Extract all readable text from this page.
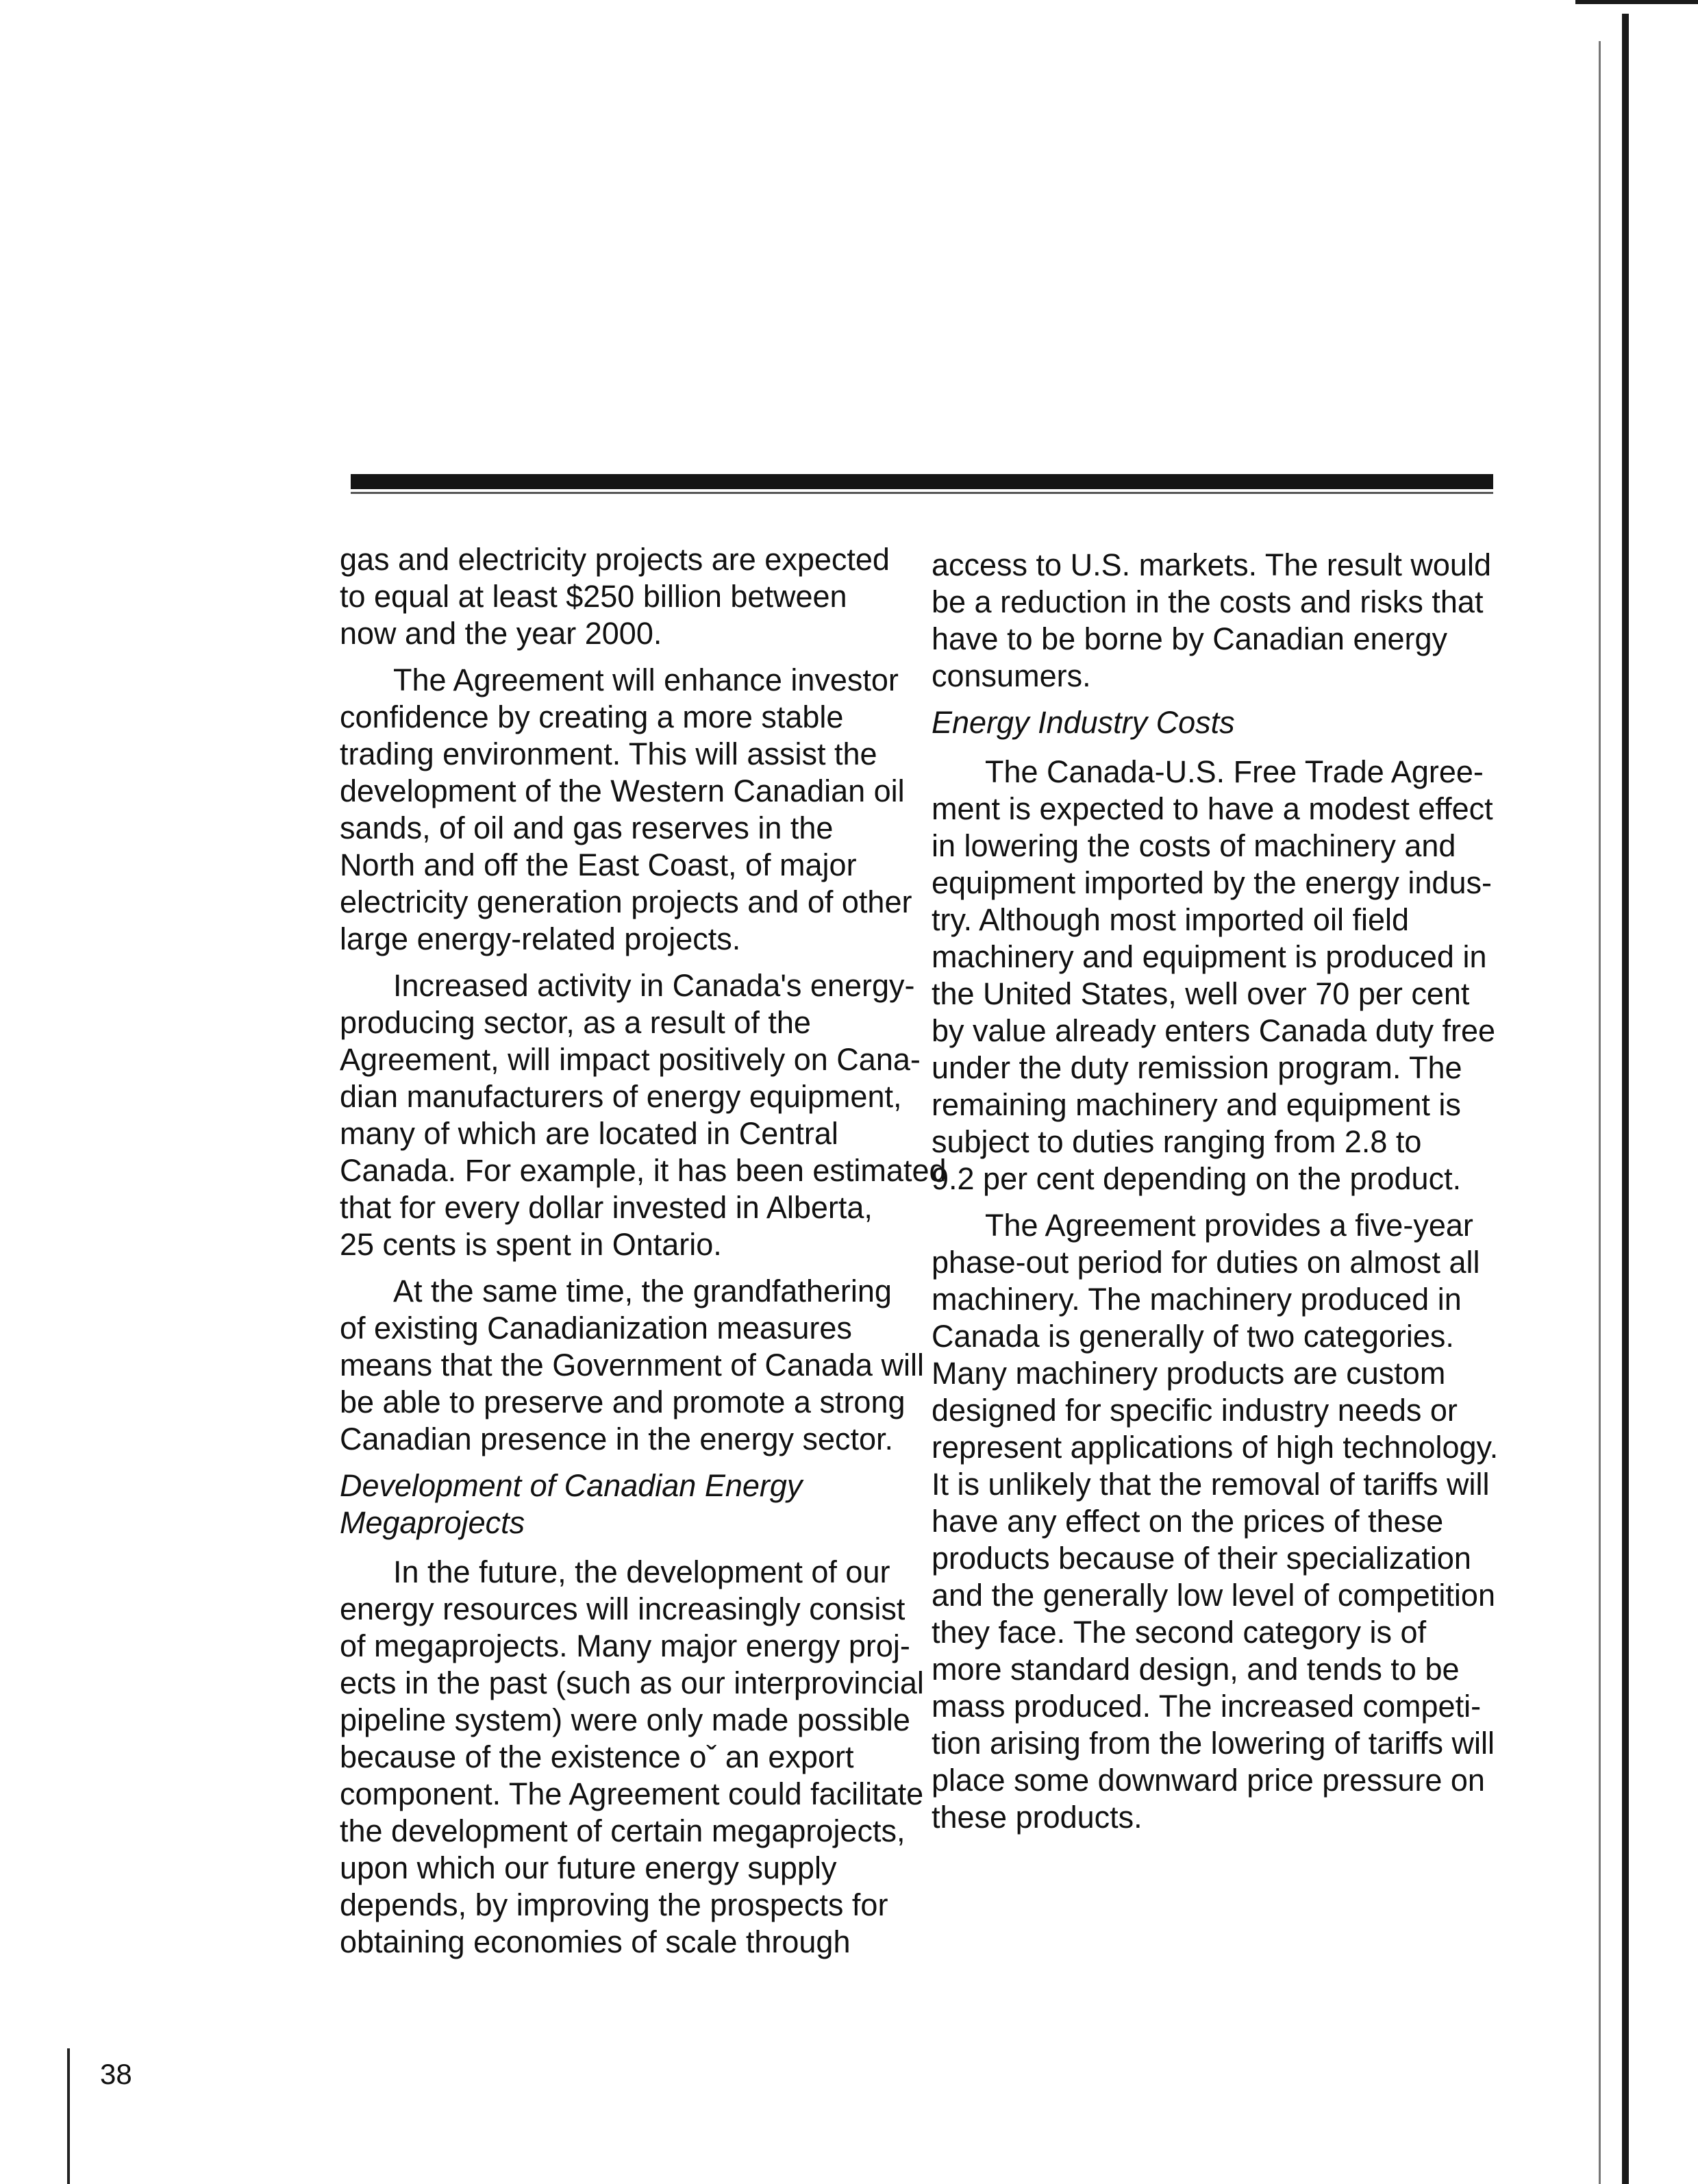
gas and electricity projects are expected
to equal at least $250 billion between
now and the year 2000.
The Agreement will enhance investor
confidence by creating a more stable
trading environment. This will assist the
development of the Western Canadian oil
sands, of oil and gas reserves in the
North and off the East Coast, of major
electricity generation projects and of other
large energy-related projects.
Increased activity in Canada's energy-
producing sector, as a result of the
Agreement, will impact positively on Cana-
dian manufacturers of energy equipment,
many of which are located in Central
Canada. For example, it has been estimated
that for every dollar invested in Alberta,
25 cents is spent in Ontario.
At the same time, the grandfathering
of existing Canadianization measures
means that the Government of Canada will
be able to preserve and promote a strong
Canadian presence in the energy sector.
Development of Canadian Energy
Megaprojects
In the future, the development of our
energy resources will increasingly consist
of megaprojects. Many major energy proj-
ects in the past (such as our interprovincial
pipeline system) were only made possible
because of the existence oˇ an export
component. The Agreement could facilitate
the development of certain megaprojects,
upon which our future energy supply
depends, by improving the prospects for
obtaining economies of scale through
access to U.S. markets. The result would
be a reduction in the costs and risks that
have to be borne by Canadian energy
consumers.
Energy Industry Costs
The Canada-U.S. Free Trade Agree-
ment is expected to have a modest effect
in lowering the costs of machinery and
equipment imported by the energy indus-
try. Although most imported oil field
machinery and equipment is produced in
the United States, well over 70 per cent
by value already enters Canada duty free
under the duty remission program. The
remaining machinery and equipment is
subject to duties ranging from 2.8 to
9.2 per cent depending on the product.
The Agreement provides a five-year
phase-out period for duties on almost all
machinery. The machinery produced in
Canada is generally of two categories.
Many machinery products are custom
designed for specific industry needs or
represent applications of high technology.
It is unlikely that the removal of tariffs will
have any effect on the prices of these
products because of their specialization
and the generally low level of competition
they face. The second category is of
more standard design, and tends to be
mass produced. The increased competi-
tion arising from the lowering of tariffs will
place some downward price pressure on
these products.
38
